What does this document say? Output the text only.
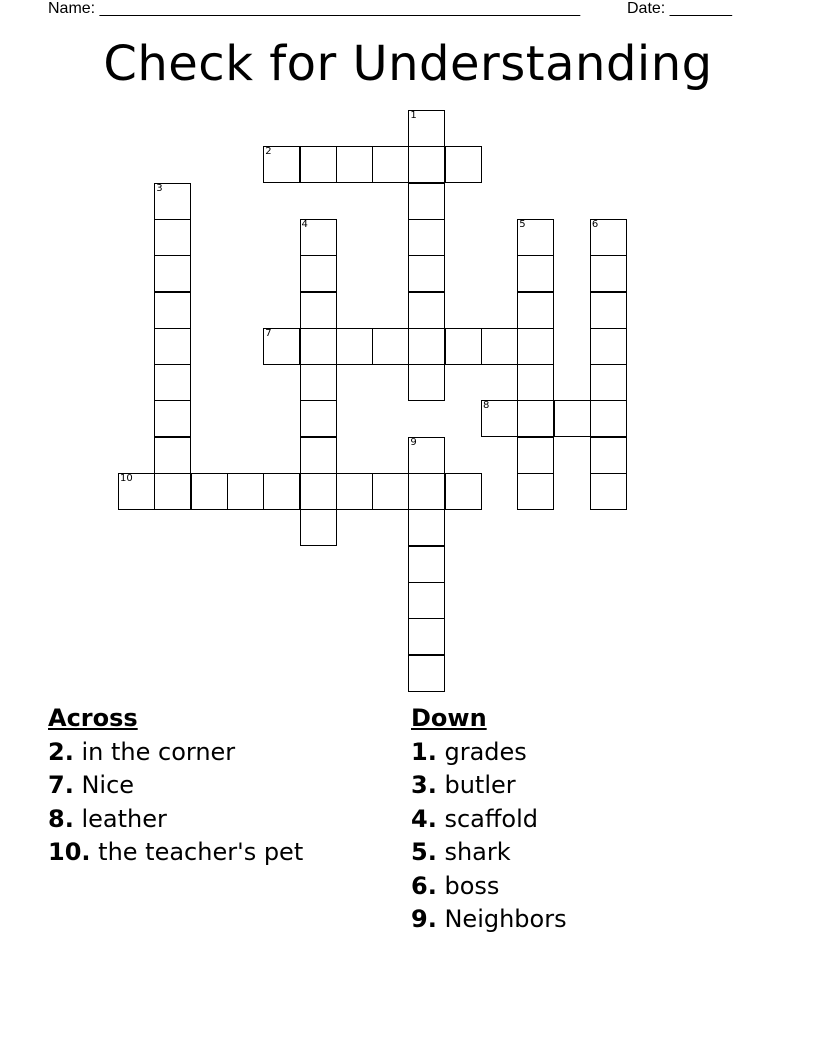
Name: ______________________________________________________	Date: _______
Check for Understanding
1
2
3
4	5	6
7
8
9
10
Across
2. in the corner
7. Nice
8. leather
10. the teacher's pet
Down
1. grades
3. butler
4. scaffold
5. shark
6. boss
9. Neighbors
